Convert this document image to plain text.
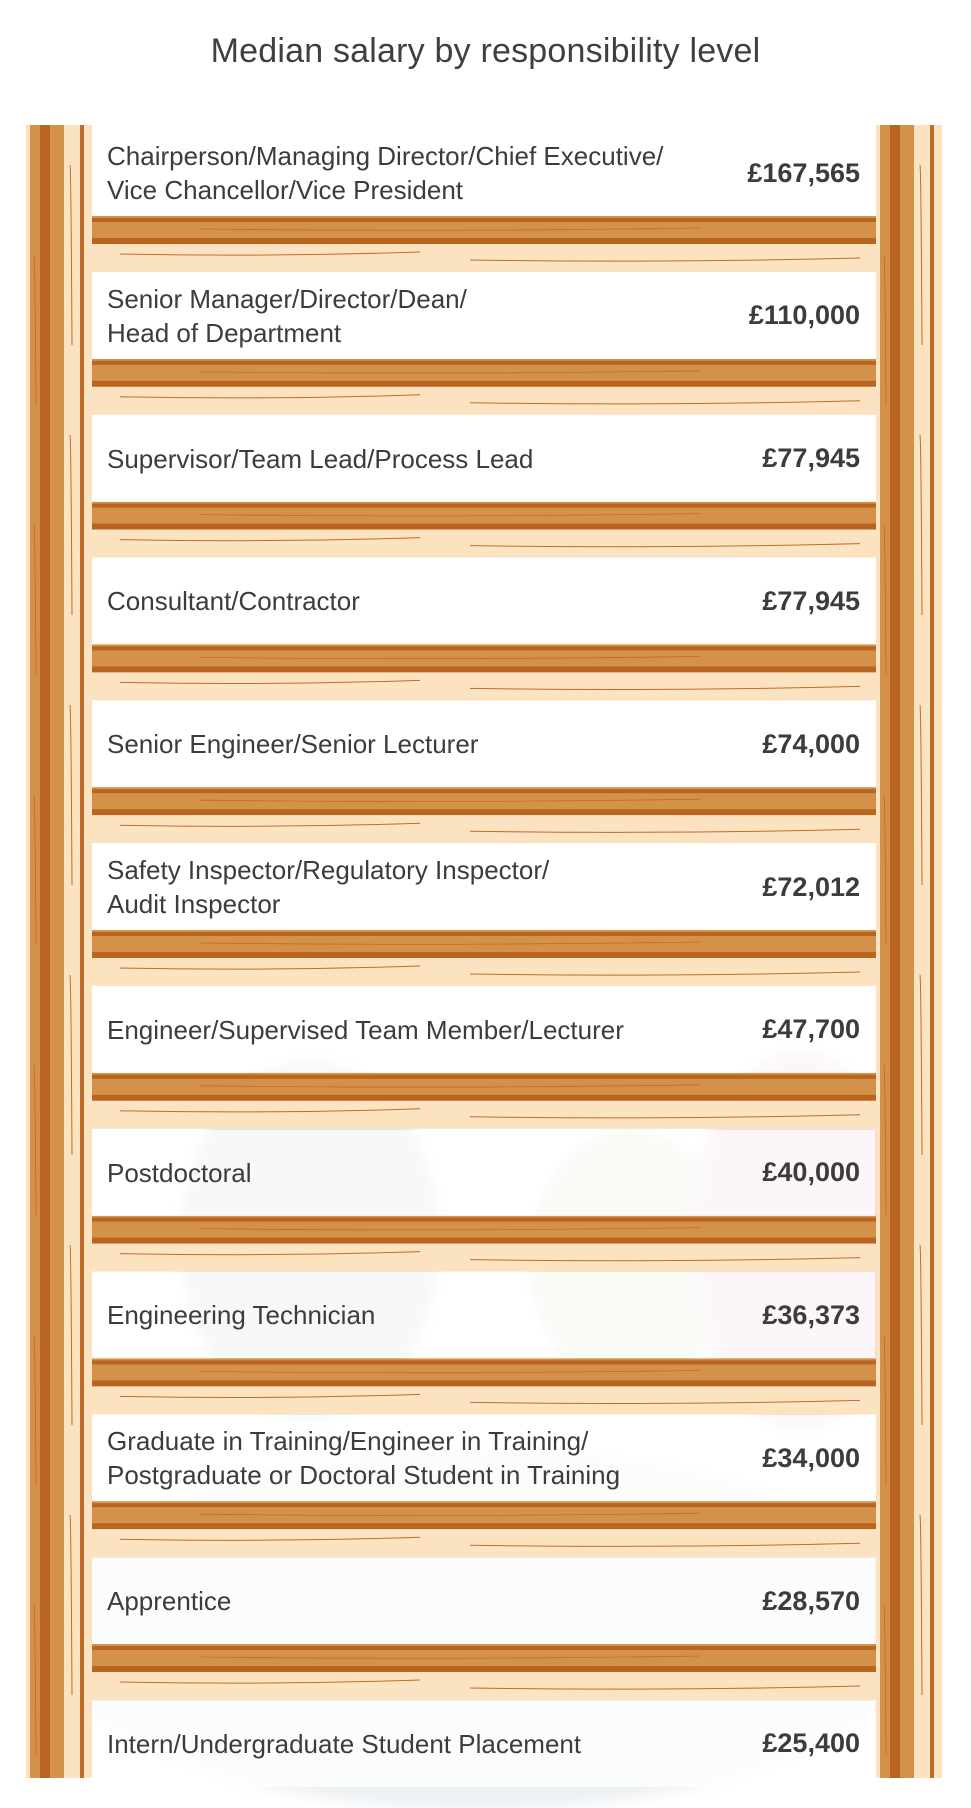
Median salary by responsibility level
Chairperson/Managing Director/Chief Executive/
Vice Chancellor/Vice President
£167,565
Senior Manager/Director/Dean/
Head of Department
£110,000
Supervisor/Team Lead/Process Lead	£77,945
Consultant/Contractor	£77,945
Senior Engineer/Senior Lecturer	£74,000
Safety Inspector/Regulatory Inspector/
Audit Inspector
£72,012
Engineer/Supervised Team Member/Lecturer	£47,700
Postdoctoral	£40,000
Engineering Technician	£36,373
Graduate in Training/Engineer in Training/
Postgraduate or Doctoral Student in Training
£34,000
Apprentice	£28,570
Intern/Undergraduate Student Placement	£25,400
